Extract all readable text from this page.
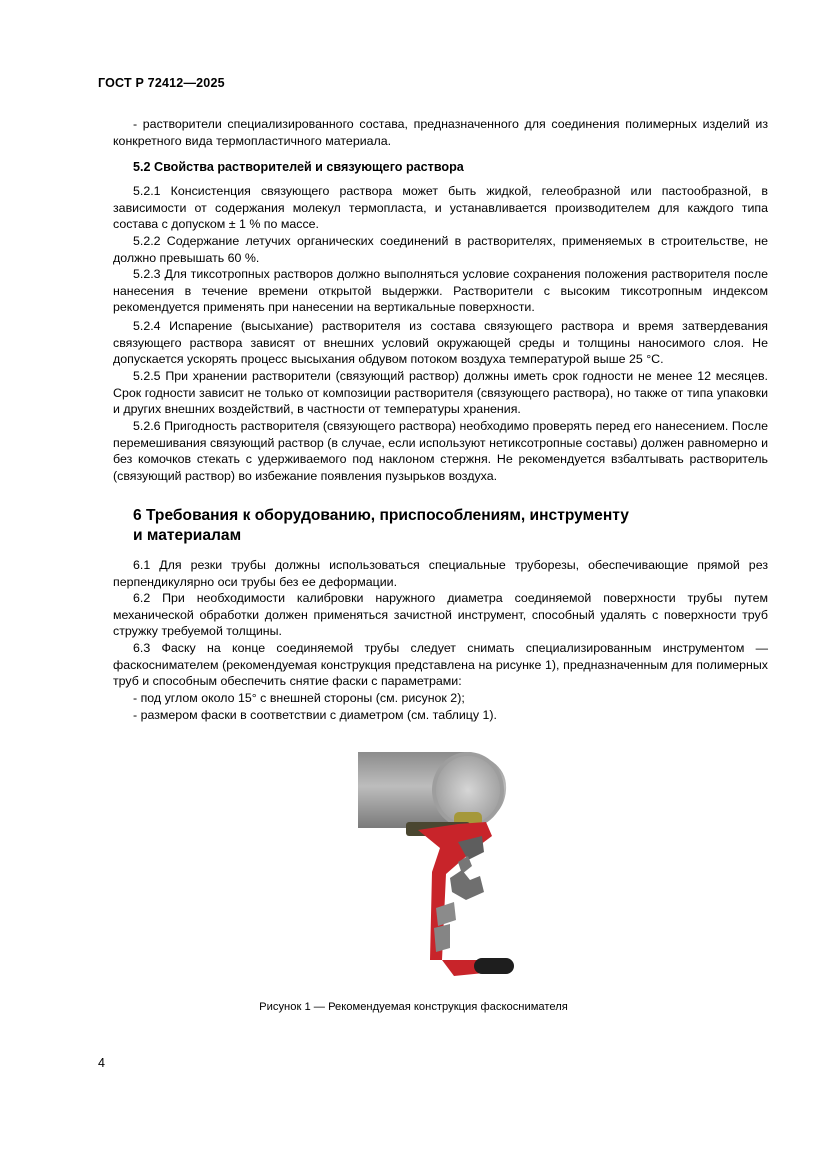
ГОСТ Р 72412—2025

- растворители специализированного состава, предназначенного для соединения полимерных изделий из конкретного вида термопластичного материала.

5.2 Свойства растворителей и связующего раствора

5.2.1 Консистенция связующего раствора может быть жидкой, гелеобразной или пастообразной, в зависимости от содержания молекул термопласта, и устанавливается производителем для каждого типа состава с допуском ± 1 % по массе.

5.2.2 Содержание летучих органических соединений в растворителях, применяемых в строительстве, не должно превышать 60 %.

5.2.3 Для тиксотропных растворов должно выполняться условие сохранения положения растворителя после нанесения в течение времени открытой выдержки. Растворители с высоким тиксотропным индексом рекомендуется применять при нанесении на вертикальные поверхности.

5.2.4 Испарение (высыхание) растворителя из состава связующего раствора и время затвердевания связующего раствора зависят от внешних условий окружающей среды и толщины наносимого слоя. Не допускается ускорять процесс высыхания обдувом потоком воздуха температурой выше 25 °С.

5.2.5 При хранении растворители (связующий раствор) должны иметь срок годности не менее 12 месяцев. Срок годности зависит не только от композиции растворителя (связующего раствора), но также от типа упаковки и других внешних воздействий, в частности от температуры хранения.

5.2.6 Пригодность растворителя (связующего раствора) необходимо проверять перед его нанесением. После перемешивания связующий раствор (в случае, если используют нетиксотропные составы) должен равномерно и без комочков стекать с удерживаемого под наклоном стержня. Не рекомендуется взбалтывать растворитель (связующий раствор) во избежание появления пузырьков воздуха.

6 Требования к оборудованию, приспособлениям, инструменту
и материалам

6.1 Для резки трубы должны использоваться специальные труборезы, обеспечивающие прямой рез перпендикулярно оси трубы без ее деформации.

6.2 При необходимости калибровки наружного диаметра соединяемой поверхности трубы путем механической обработки должен применяться зачистной инструмент, способный удалять с поверхности труб стружку требуемой толщины.

6.3 Фаску на конце соединяемой трубы следует снимать специализированным инструментом — фаскоснимателем (рекомендуемая конструкция представлена на рисунке 1), предназначенным для полимерных труб и способным обеспечить снятие фаски с параметрами:

- под углом около 15° с внешней стороны (см. рисунок 2);
- размером фаски в соответствии с диаметром (см. таблицу 1).
Рисунок 1 — Рекомендуемая конструкция фаскоснимателя
4
